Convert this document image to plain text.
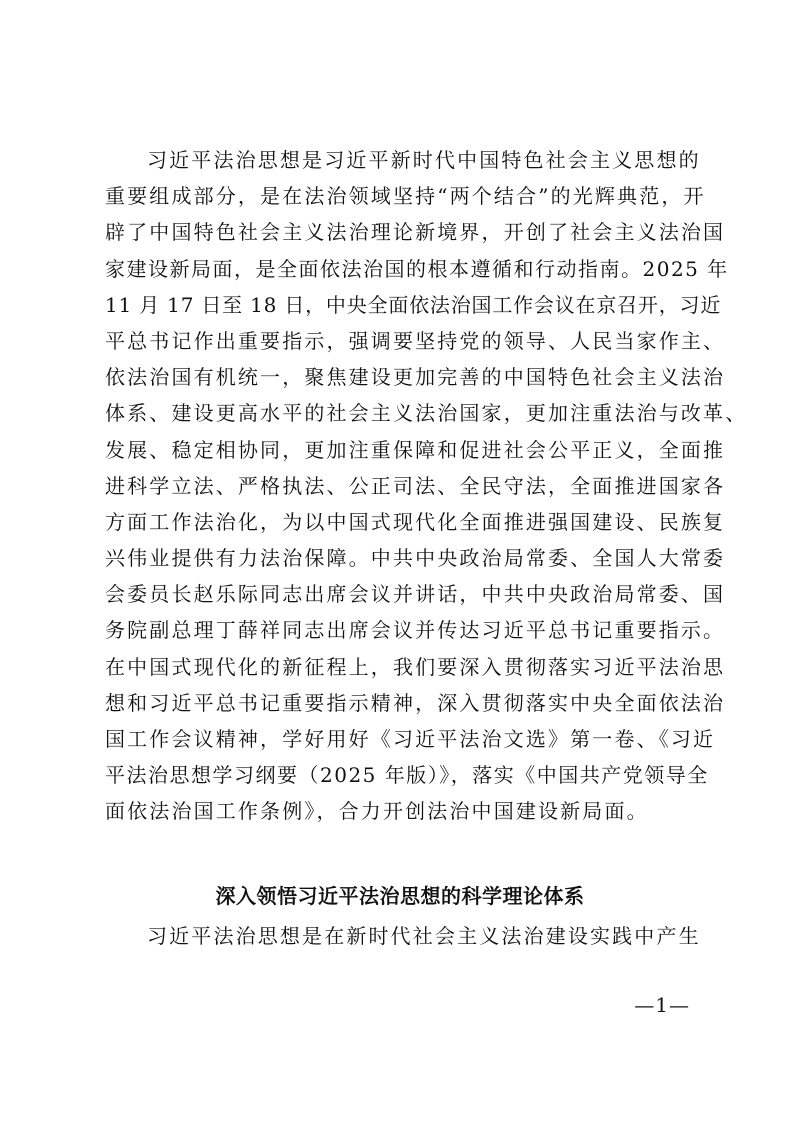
习近平法治思想是习近平新时代中国特色社会主义思想的
重要组成部分，是在法治领域坚持“两个结合”的光辉典范，开
辟了中国特色社会主义法治理论新境界，开创了社会主义法治国
家建设新局面，是全面依法治国的根本遵循和行动指南。2025 年
11 月 17 日至 18 日，中央全面依法治国工作会议在京召开，习近
平总书记作出重要指示，强调要坚持党的领导、人民当家作主、
依法治国有机统一，聚焦建设更加完善的中国特色社会主义法治
体系、建设更高水平的社会主义法治国家，更加注重法治与改革、
发展、稳定相协同，更加注重保障和促进社会公平正义，全面推
进科学立法、严格执法、公正司法、全民守法，全面推进国家各
方面工作法治化，为以中国式现代化全面推进强国建设、民族复
兴伟业提供有力法治保障。中共中央政治局常委、全国人大常委
会委员长赵乐际同志出席会议并讲话，中共中央政治局常委、国
务院副总理丁薛祥同志出席会议并传达习近平总书记重要指示。
在中国式现代化的新征程上，我们要深入贯彻落实习近平法治思
想和习近平总书记重要指示精神，深入贯彻落实中央全面依法治
国工作会议精神，学好用好《习近平法治文选》第一卷、《习近
平法治思想学习纲要（2025 年版）》，落实《中国共产党领导全
面依法治国工作条例》，合力开创法治中国建设新局面。
深入领悟习近平法治思想的科学理论体系
习近平法治思想是在新时代社会主义法治建设实践中产生
—1—
